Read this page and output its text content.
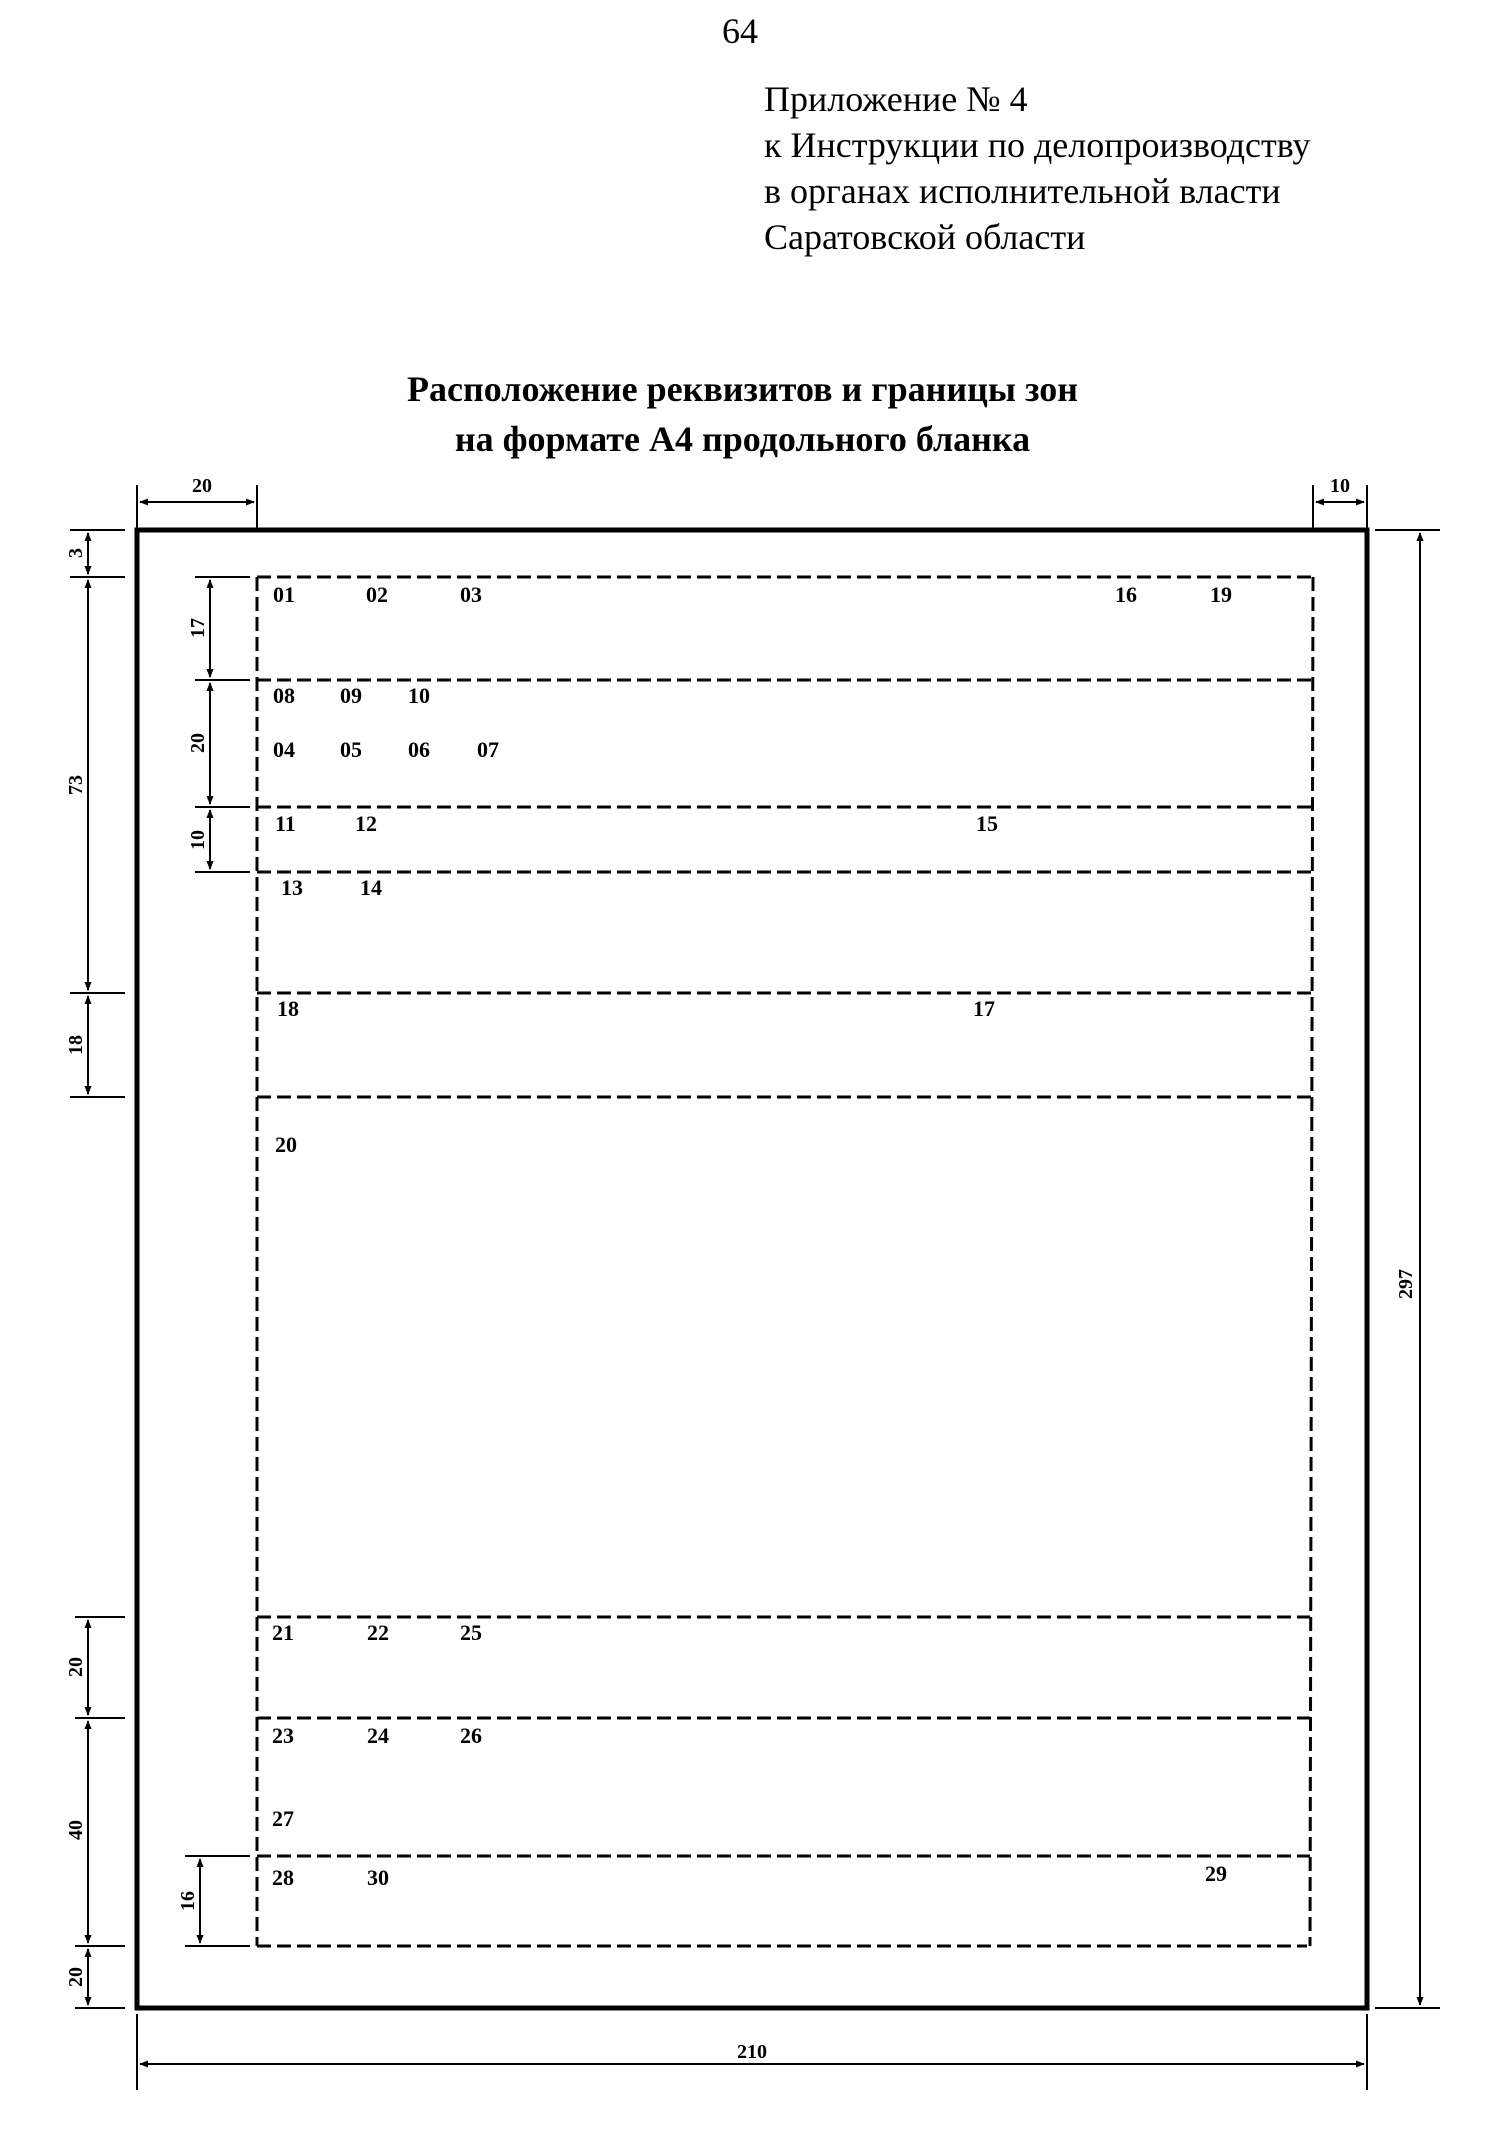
64
Приложение № 4
к Инструкции по делопроизводству
в органах исполнительной власти
Саратовской области
Расположение реквизитов и границы зон
на формате А4 продольного бланка
20	10
3
73
18
17
20
10
20
40
20
16
297
210
01	02	03	16	19
08 09 10
04 05 06 07
11	12	15
13	14
18	17
20
21	22	25
23	24	26
27
28	30	29
